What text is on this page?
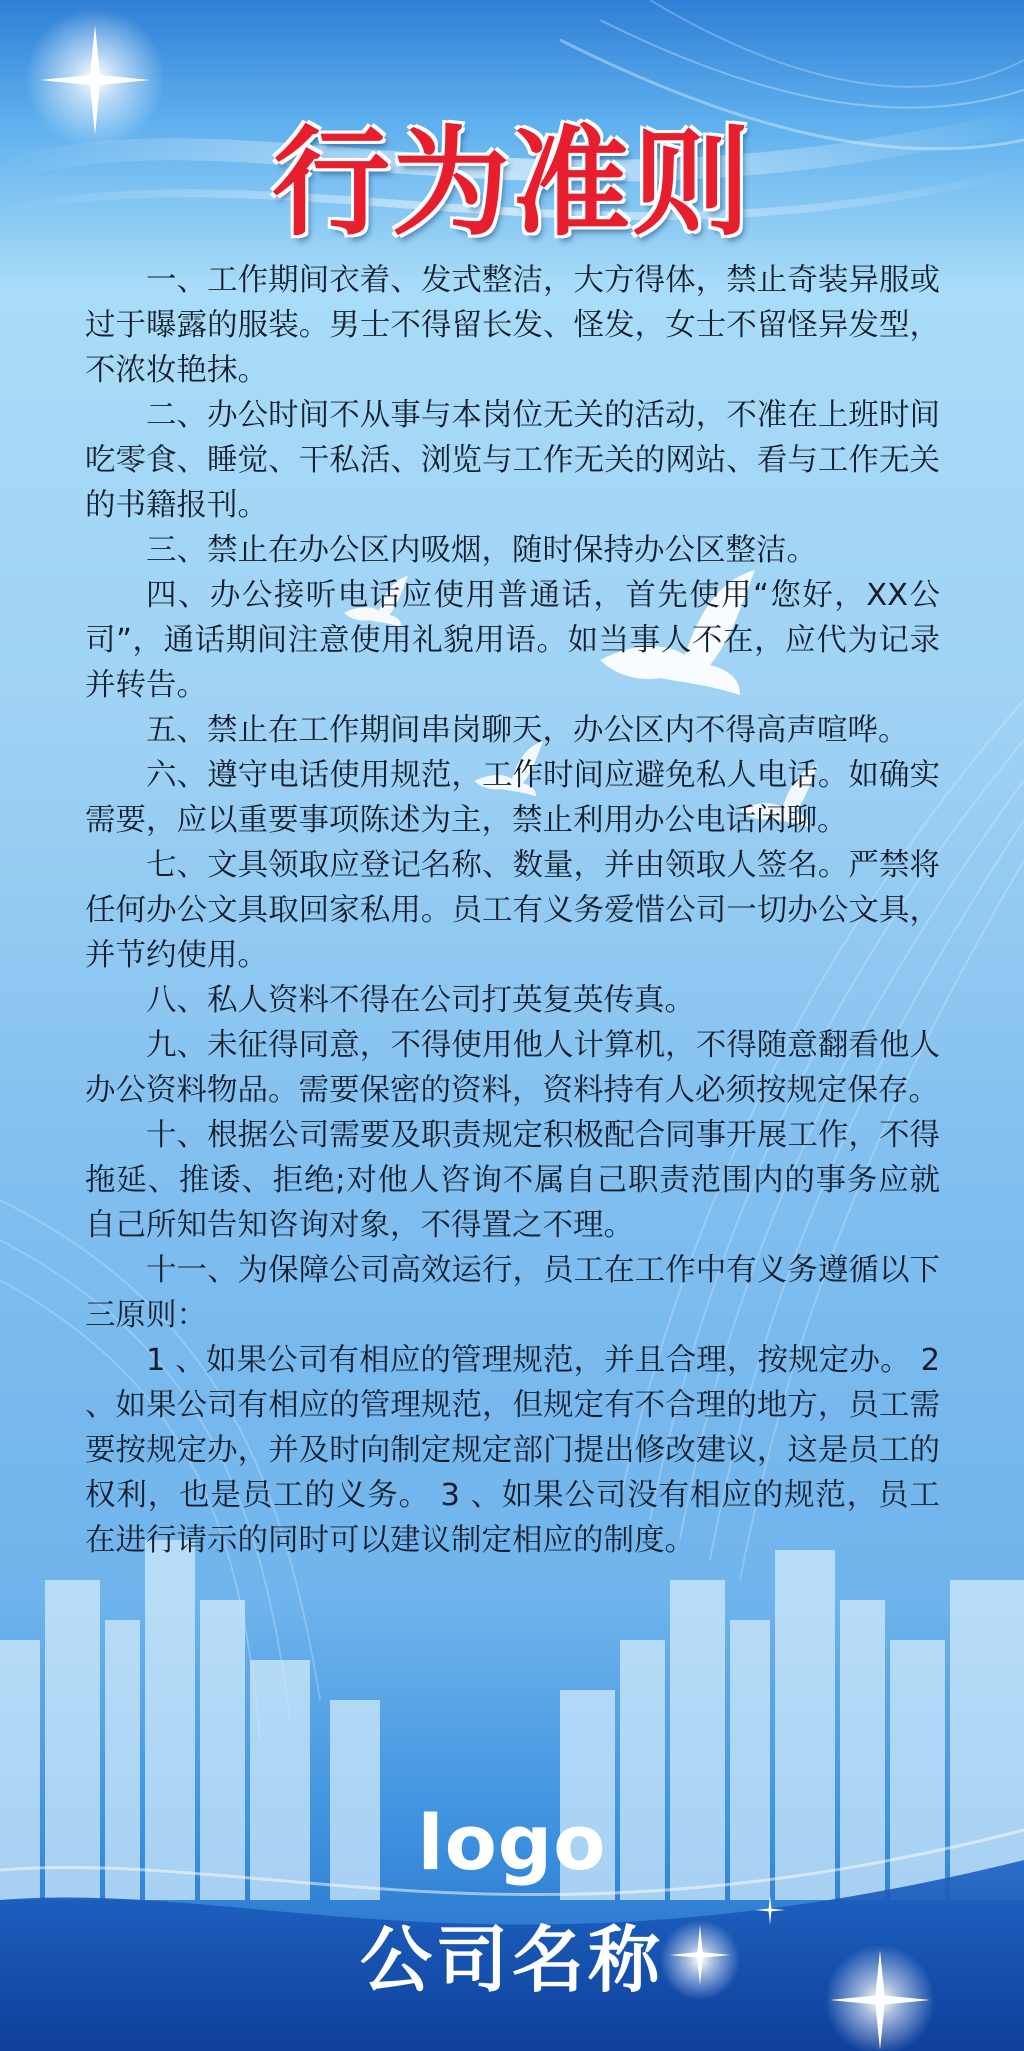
行为准则

一、工作期间衣着、发式整洁，大方得体，禁止奇装异服或过于曝露的服装。男士不得留长发、怪发，女士不留怪异发型，不浓妆艳抹。

二、办公时间不从事与本岗位无关的活动，不准在上班时间吃零食、睡觉、干私活、浏览与工作无关的网站、看与工作无关的书籍报刊。

三、禁止在办公区内吸烟，随时保持办公区整洁。

四、办公接听电话应使用普通话，首先使用“您好，XX公司”，通话期间注意使用礼貌用语。如当事人不在，应代为记录并转告。

五、禁止在工作期间串岗聊天，办公区内不得高声喧哗。

六、遵守电话使用规范，工作时间应避免私人电话。如确实需要，应以重要事项陈述为主，禁止利用办公电话闲聊。

七、文具领取应登记名称、数量，并由领取人签名。严禁将任何办公文具取回家私用。员工有义务爱惜公司一切办公文具，并节约使用。

八、私人资料不得在公司打英复英传真。

九、未征得同意，不得使用他人计算机，不得随意翻看他人办公资料物品。需要保密的资料，资料持有人必须按规定保存。

十、根据公司需要及职责规定积极配合同事开展工作，不得拖延、推诿、拒绝;对他人咨询不属自己职责范围内的事务应就自己所知告知咨询对象，不得置之不理。

十一、为保障公司高效运行，员工在工作中有义务遵循以下三原则：

1 、如果公司有相应的管理规范，并且合理，按规定办。 2 、如果公司有相应的管理规范，但规定有不合理的地方，员工需要按规定办，并及时向制定规定部门提出修改建议，这是员工的权利，也是员工的义务。 3 、如果公司没有相应的规范，员工在进行请示的同时可以建议制定相应的制度。

logo
公司名称
